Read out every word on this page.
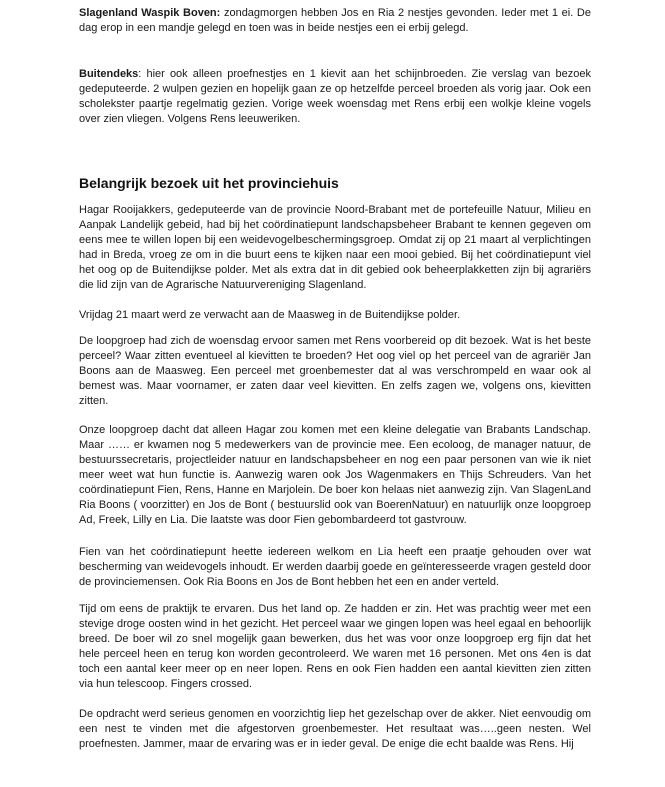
Slagenland Waspik Boven: zondagmorgen hebben Jos en Ria 2 nestjes gevonden. Ieder met 1 ei. De dag erop in een mandje gelegd en toen was in beide nestjes een ei erbij gelegd.

Buitendeks: hier ook alleen proefnestjes en 1 kievit aan het schijnbroeden. Zie verslag van bezoek gedeputeerde. 2 wulpen gezien en hopelijk gaan ze op hetzelfde perceel broeden als vorig jaar. Ook een scholekster paartje regelmatig gezien. Vorige week woensdag met Rens erbij een wolkje kleine vogels over zien vliegen. Volgens Rens leeuweriken.

Belangrijk bezoek uit het provinciehuis

Hagar Rooijakkers, gedeputeerde van de provincie Noord-Brabant met de portefeuille Natuur, Milieu en Aanpak Landelijk gebeid, had bij het coördinatiepunt landschapsbeheer Brabant te kennen gegeven om eens mee te willen lopen bij een weidevogelbeschermingsgroep. Omdat zij op 21 maart al verplichtingen had in Breda, vroeg ze om in die buurt eens te kijken naar een mooi gebied. Bij het coördinatiepunt viel het oog op de Buitendijkse polder. Met als extra dat in dit gebied ook beheerplakketten zijn bij agrariërs die lid zijn van de Agrarische Natuurvereniging Slagenland.

Vrijdag 21 maart werd ze verwacht aan de Maasweg in de Buitendijkse polder.

De loopgroep had zich de woensdag ervoor samen met Rens voorbereid op dit bezoek. Wat is het beste perceel? Waar zitten eventueel al kievitten te broeden? Het oog viel op het perceel van de agrariër Jan Boons aan de Maasweg. Een perceel met groenbemester dat al was verschrompeld en waar ook al bemest was. Maar voornamer, er zaten daar veel kievitten. En zelfs zagen we, volgens ons, kievitten zitten.

Onze loopgroep dacht dat alleen Hagar zou komen met een kleine delegatie van Brabants Landschap. Maar …… er kwamen nog 5 medewerkers van de provincie mee. Een ecoloog, de manager natuur, de bestuurssecretaris, projectleider natuur en landschapsbeheer en nog een paar personen van wie ik niet meer weet wat hun functie is. Aanwezig waren ook Jos Wagenmakers en Thijs Schreuders. Van het coördinatiepunt Fien, Rens, Hanne en Marjolein. De boer kon helaas niet aanwezig zijn. Van SlagenLand Ria Boons ( voorzitter) en Jos de Bont ( bestuurslid ook van BoerenNatuur) en natuurlijk onze loopgroep Ad, Freek, Lilly en Lia. Die laatste was door Fien gebombardeerd tot gastvrouw.

Fien van het coördinatiepunt heette iedereen welkom en Lia heeft een praatje gehouden over wat bescherming van weidevogels inhoudt. Er werden daarbij goede en geïnteresseerde vragen gesteld door de provinciemensen. Ook Ria Boons en Jos de Bont hebben het een en ander verteld.

Tijd om eens de praktijk te ervaren. Dus het land op. Ze hadden er zin. Het was prachtig weer met een stevige droge oosten wind in het gezicht. Het perceel waar we gingen lopen was heel egaal en behoorlijk breed. De boer wil zo snel mogelijk gaan bewerken, dus het was voor onze loopgroep erg fijn dat het hele perceel heen en terug kon worden gecontroleerd. We waren met 16 personen. Met ons 4en is dat toch een aantal keer meer op en neer lopen. Rens en ook Fien hadden een aantal kievitten zien zitten via hun telescoop. Fingers crossed.

De opdracht werd serieus genomen en voorzichtig liep het gezelschap over de akker. Niet eenvoudig om een nest te vinden met die afgestorven groenbemester. Het resultaat was…..geen nesten. Wel proefnesten. Jammer, maar de ervaring was er in ieder geval. De enige die echt baalde was Rens. Hij
